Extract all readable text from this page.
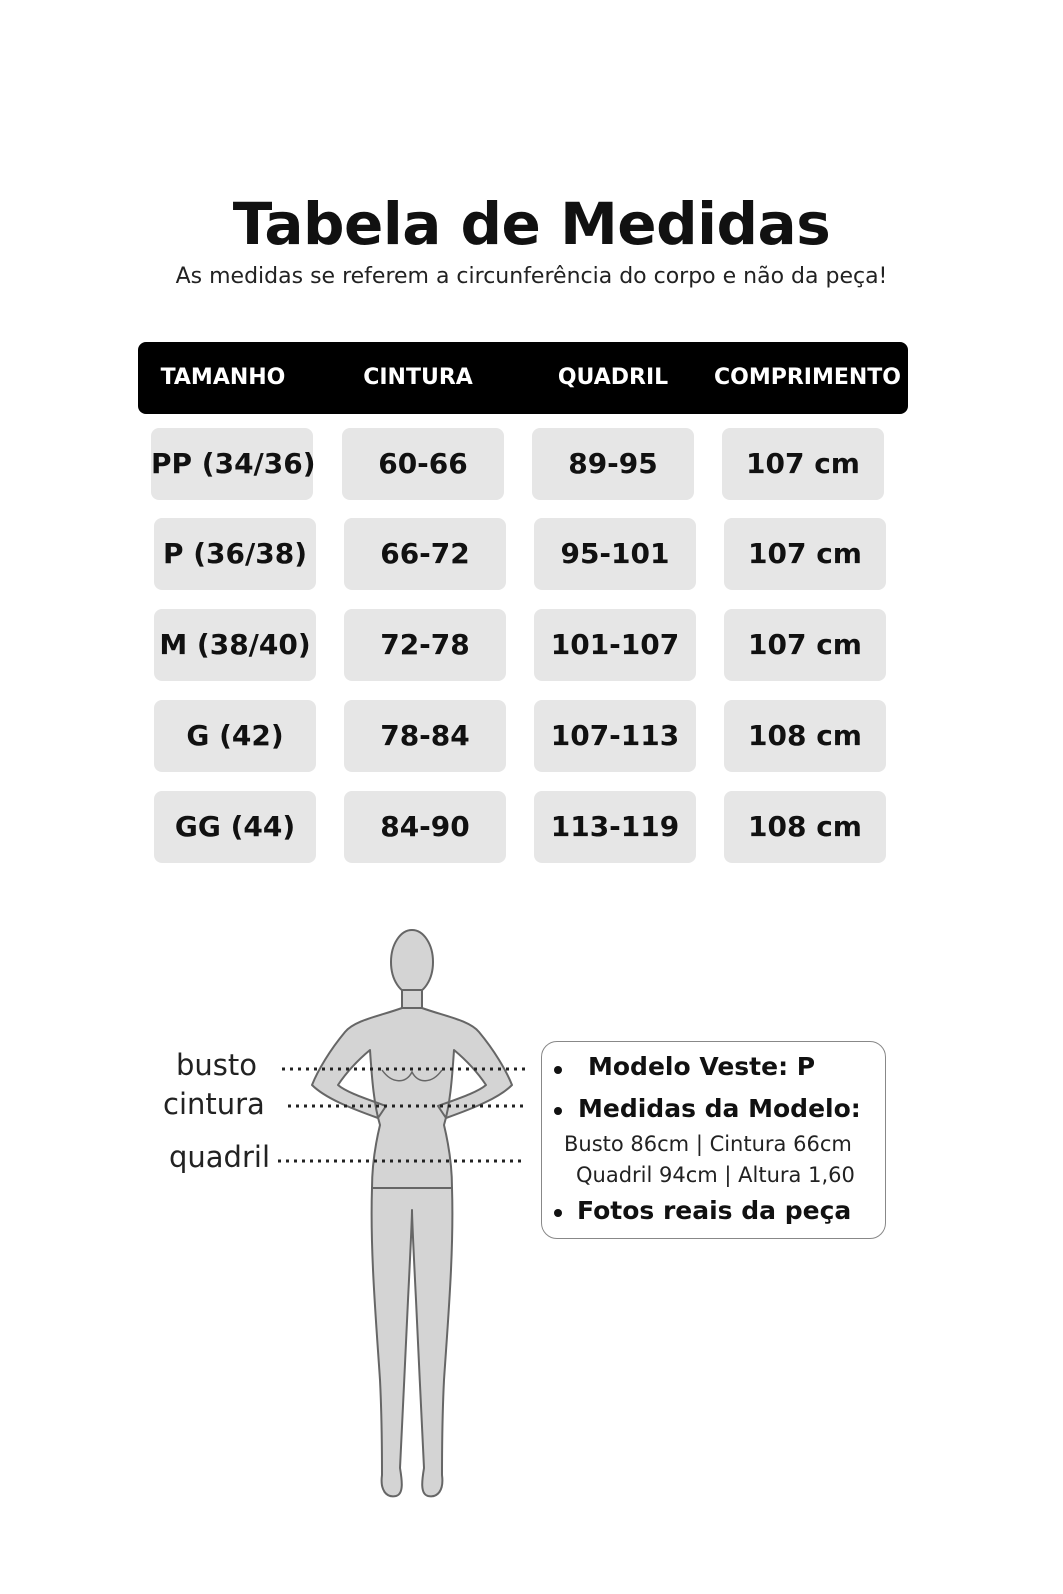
Tabela de Medidas
As medidas se referem a circunferência do corpo e não da peça!
TAMANHO	CINTURA	QUADRIL	COMPRIMENTO
PP (34/36)	60-66	89-95	107 cm
P (36/38)	66-72	95-101	107 cm
M (38/40)	72-78	101-107	107 cm
G (42)	78-84	107-113	108 cm
GG (44)	84-90	113-119	108 cm
busto
cintura
quadril
Modelo Veste: P
Medidas da Modelo:
Busto 86cm | Cintura 66cm
Quadril 94cm | Altura 1,60
Fotos reais da peça
